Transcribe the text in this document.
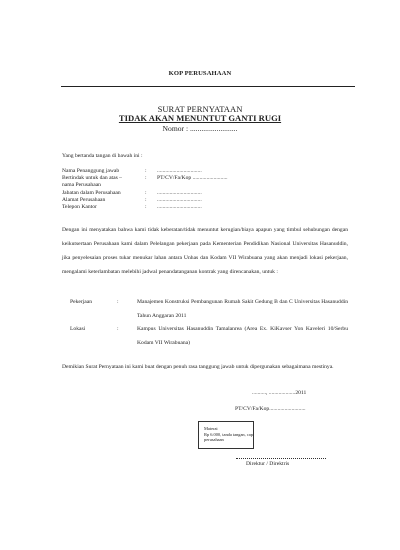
KOP PERUSAHAAN
SURAT PERNYATAAN
TIDAK AKAN MENUNTUT GANTI RUGI
Nomor : .........................
Yang bertanda tangan di bawah ini :
Nama Penanggung jawab	: ................................
Bertindak untuk dan atas –	: PT/CV/Fa/Kop .........................
nama Perusahaan
Jabatan dalam Perusahaan	: ................................
Alamat Perusahaan	: ................................
Telepon Kantor	: ................................
Dengan ini menyatakan bahwa kami tidak keberatan/tidak menuntut kerugian/biaya apapun yang timbul sehubungan dengan keikutsertaan Perusahaan kami dalam Pelelangan pekerjaan pada Kementerian Pendidikan Nasional Universitas Hasanuddin, jika penyelesaian proses tukar menukar lahan antara Unhas dan Kodam VII Wirabuana yang akan menjadi lokasi pekerjaan, mengalami keterlambatan melebihi jadwal penandatanganan kontrak yang direncanakan, untuk :
Pekerjaan	:	Manajemen Konstruksi Pembangunan Rumah Sakit Gedung B dan C Universitas Hasanuddin Tahun Anggaran 2011
Lokasi	:	Kampus Universitas Hasanuddin Tamalanrea (Area Ex. KiKavser Yon Kaveleri 10/Serbu Kodam VII Wirabuana)
Demikian Surat Pernyataan ini kami buat dengan penuh rasa tanggung jawab untuk dipergunakan sebagaimana mestinya.
.........., ...................2011
PT/CV/Fa/Kop..........................
Materai
Rp 6.000, tanda tangan, cap
perusahaan
Direktur / Direktris
